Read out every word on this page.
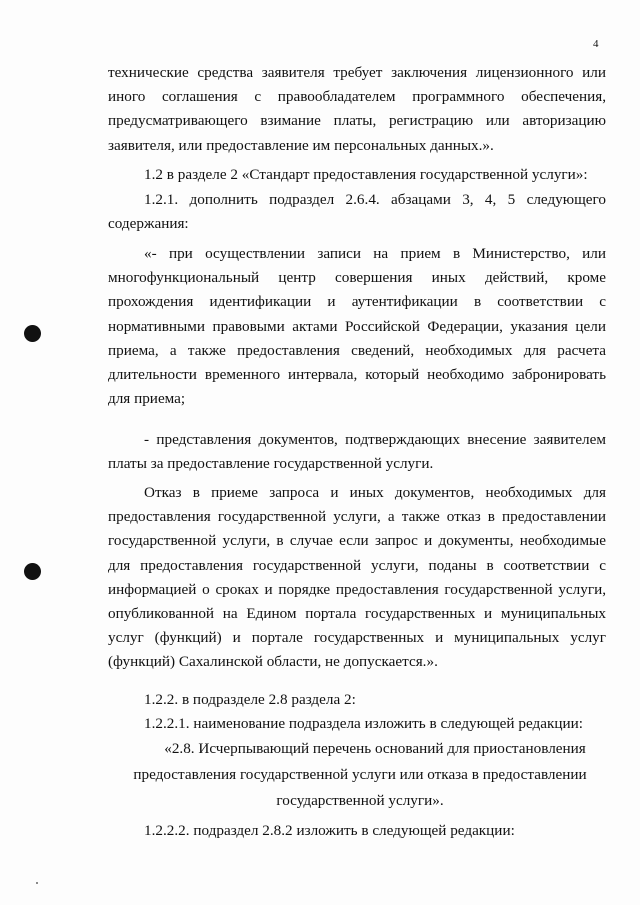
4

технические средства заявителя требует заключения лицензионного или иного соглашения с правообладателем программного обеспечения, предусматривающего взимание платы, регистрацию или авторизацию заявителя, или предоставление им персональных данных.».

1.2 в разделе 2 «Стандарт предоставления государственной услуги»:

1.2.1. дополнить подраздел 2.6.4. абзацами 3, 4, 5 следующего содержания:

«- при осуществлении записи на прием в Министерство, или многофункциональный центр совершения иных действий, кроме прохождения идентификации и аутентификации в соответствии с нормативными правовыми актами Российской Федерации, указания цели приема, а также предоставления сведений, необходимых для расчета длительности временного интервала, который необходимо забронировать для приема;

- представления документов, подтверждающих внесение заявителем платы за предоставление государственной услуги.

Отказ в приеме запроса и иных документов, необходимых для предоставления государственной услуги, а также отказ в предоставлении государственной услуги, в случае если запрос и документы, необходимые для предоставления государственной услуги, поданы в соответствии с информацией о сроках и порядке предоставления государственной услуги, опубликованной на Едином портала государственных и муниципальных услуг (функций) и портале государственных и муниципальных услуг (функций) Сахалинской области, не допускается.».

1.2.2. в подразделе 2.8 раздела 2:

1.2.2.1. наименование подраздела изложить в следующей редакции:

«2.8. Исчерпывающий перечень оснований для приостановления

предоставления государственной услуги или отказа в предоставлении

государственной услуги».

1.2.2.2. подраздел 2.8.2 изложить в следующей редакции:
